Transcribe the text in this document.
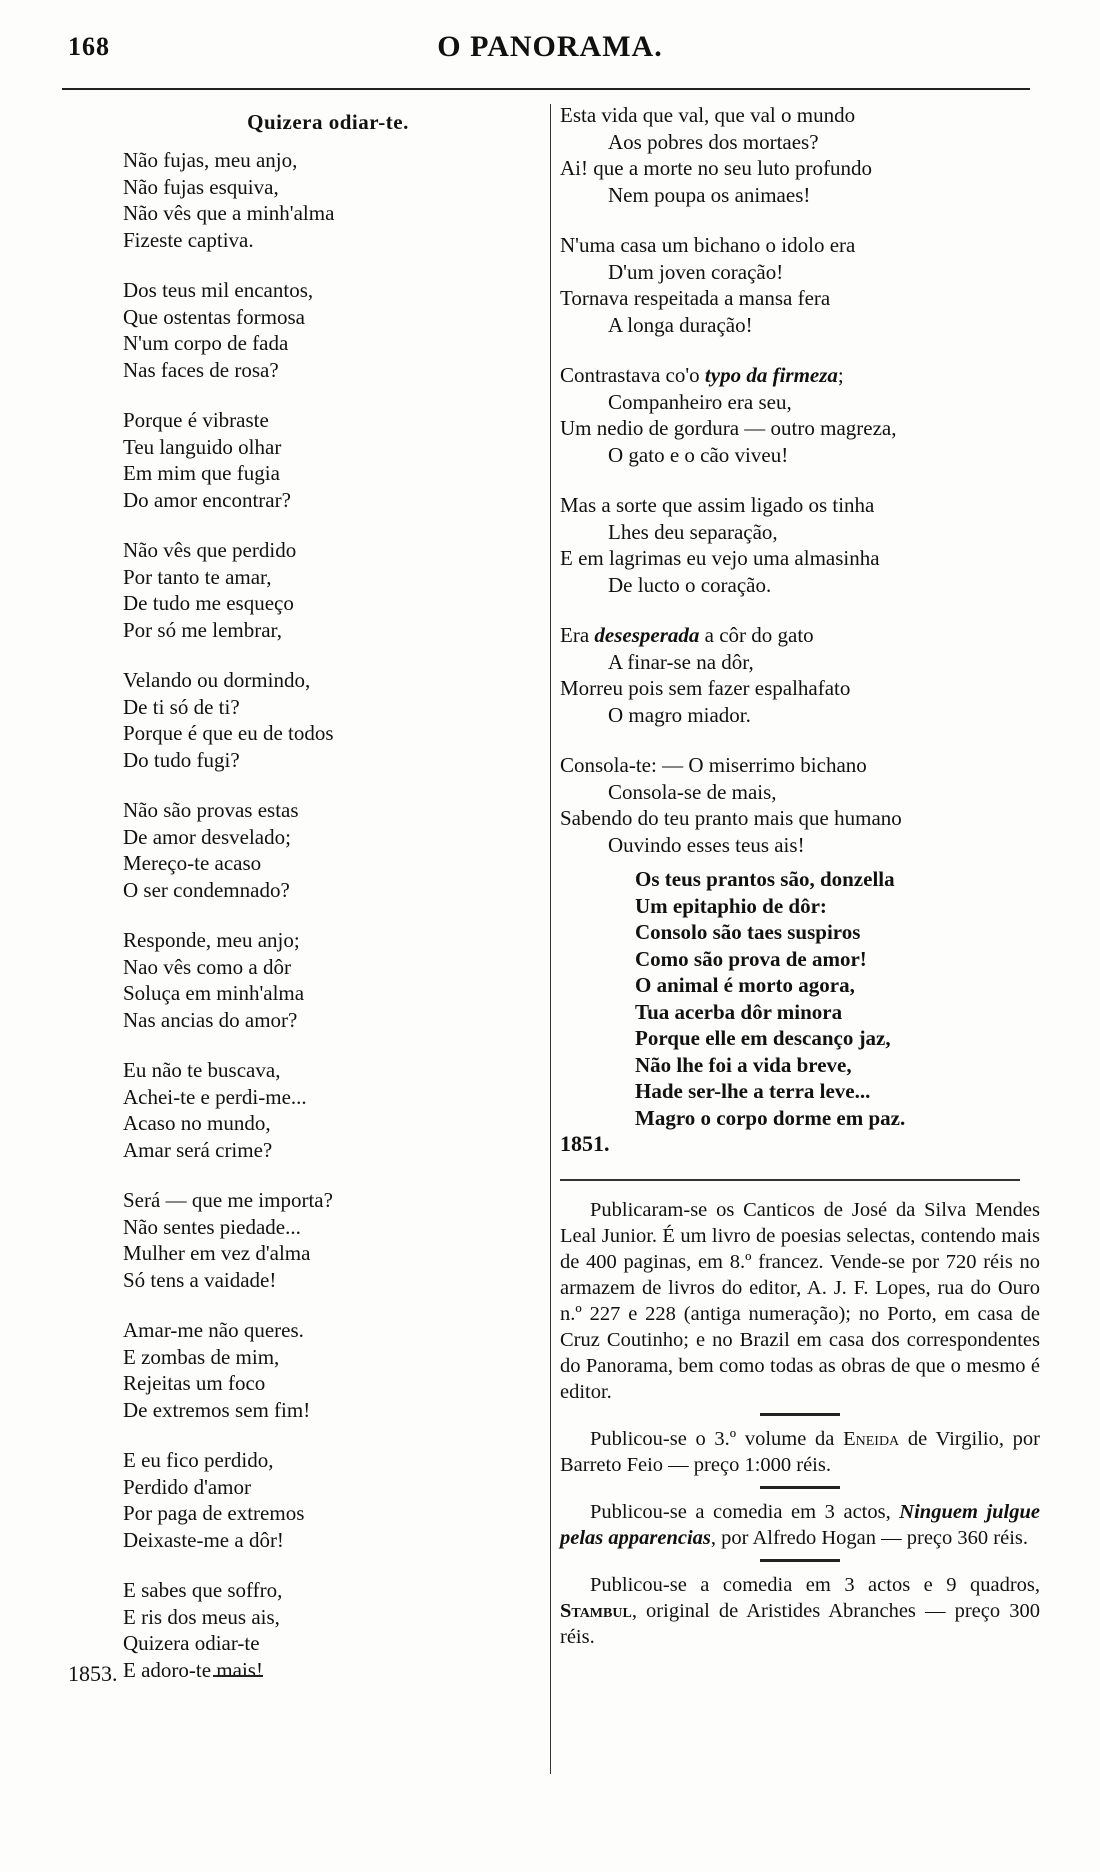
168	O PANORAMA.
Quizera odiar-te.
Não fujas, meu anjo,
Não fujas esquiva,
Não vês que a minh'alma
Fizeste captiva.
Dos teus mil encantos,
Que ostentas formosa
N'um corpo de fada
Nas faces de rosa?
Porque é vibraste
Teu languido olhar
Em mim que fugia
Do amor encontrar?
Não vês que perdido
Por tanto te amar,
De tudo me esqueço
Por só me lembrar,
Velando ou dormindo,
De ti só de ti?
Porque é que eu de todos
Do tudo fugi?
Não são provas estas
De amor desvelado;
Mereço-te acaso
O ser condemnado?
Responde, meu anjo;
Nao vês como a dôr
Soluça em minh'alma
Nas ancias do amor?
Eu não te buscava,
Achei-te e perdi-me...
Acaso no mundo,
Amar será crime?
Será — que me importa?
Não sentes piedade...
Mulher em vez d'alma
Só tens a vaidade!
Amar-me não queres.
E zombas de mim,
Rejeitas um foco
De extremos sem fim!
E eu fico perdido,
Perdido d'amor
Por paga de extremos
Deixaste-me a dôr!
E sabes que soffro,
E ris dos meus ais,
Quizera odiar-te
E adoro-te mais!
1853.
Esta vida que val, que val o mundo
Aos pobres dos mortaes?
Ai! que a morte no seu luto profundo
Nem poupa os animaes!
N'uma casa um bichano o idolo era
D'um joven coração!
Tornava respeitada a mansa fera
A longa duração!
Contrastava co'o typo da firmeza;
Companheiro era seu,
Um nedio de gordura — outro magreza,
O gato e o cão viveu!
Mas a sorte que assim ligado os tinha
Lhes deu separação,
E em lagrimas eu vejo uma almasinha
De lucto o coração.
Era desesperada a côr do gato
A finar-se na dôr,
Morreu pois sem fazer espalhafato
O magro miador.
Consola-te: — O miserrimo bichano
Consola-se de mais,
Sabendo do teu pranto mais que humano
Ouvindo esses teus ais!
Os teus prantos são, donzella
Um epitaphio de dôr:
Consolo são taes suspiros
Como são prova de amor!
O animal é morto agora,
Tua acerba dôr minora
Porque elle em descanço jaz,
Não lhe foi a vida breve,
Hade ser-lhe a terra leve...
Magro o corpo dorme em paz.
1851.

Publicaram-se os Canticos de José da Silva Mendes Leal Junior. É um livro de poesias selectas, contendo mais de 400 paginas, em 8.º francez. Vende-se por 720 réis no armazem de livros do editor, A. J. F. Lopes, rua do Ouro n.º 227 e 228 (antiga numeração); no Porto, em casa de Cruz Coutinho; e no Brazil em casa dos correspondentes do Panorama, bem como todas as obras de que o mesmo é editor.

Publicou-se o 3.º volume da Eneida de Virgilio, por Barreto Feio — preço 1:000 réis.

Publicou-se a comedia em 3 actos, Ninguem julgue pelas apparencias, por Alfredo Hogan — preço 360 réis.

Publicou-se a comedia em 3 actos e 9 quadros, Stambul, original de Aristides Abranches — preço 300 réis.
